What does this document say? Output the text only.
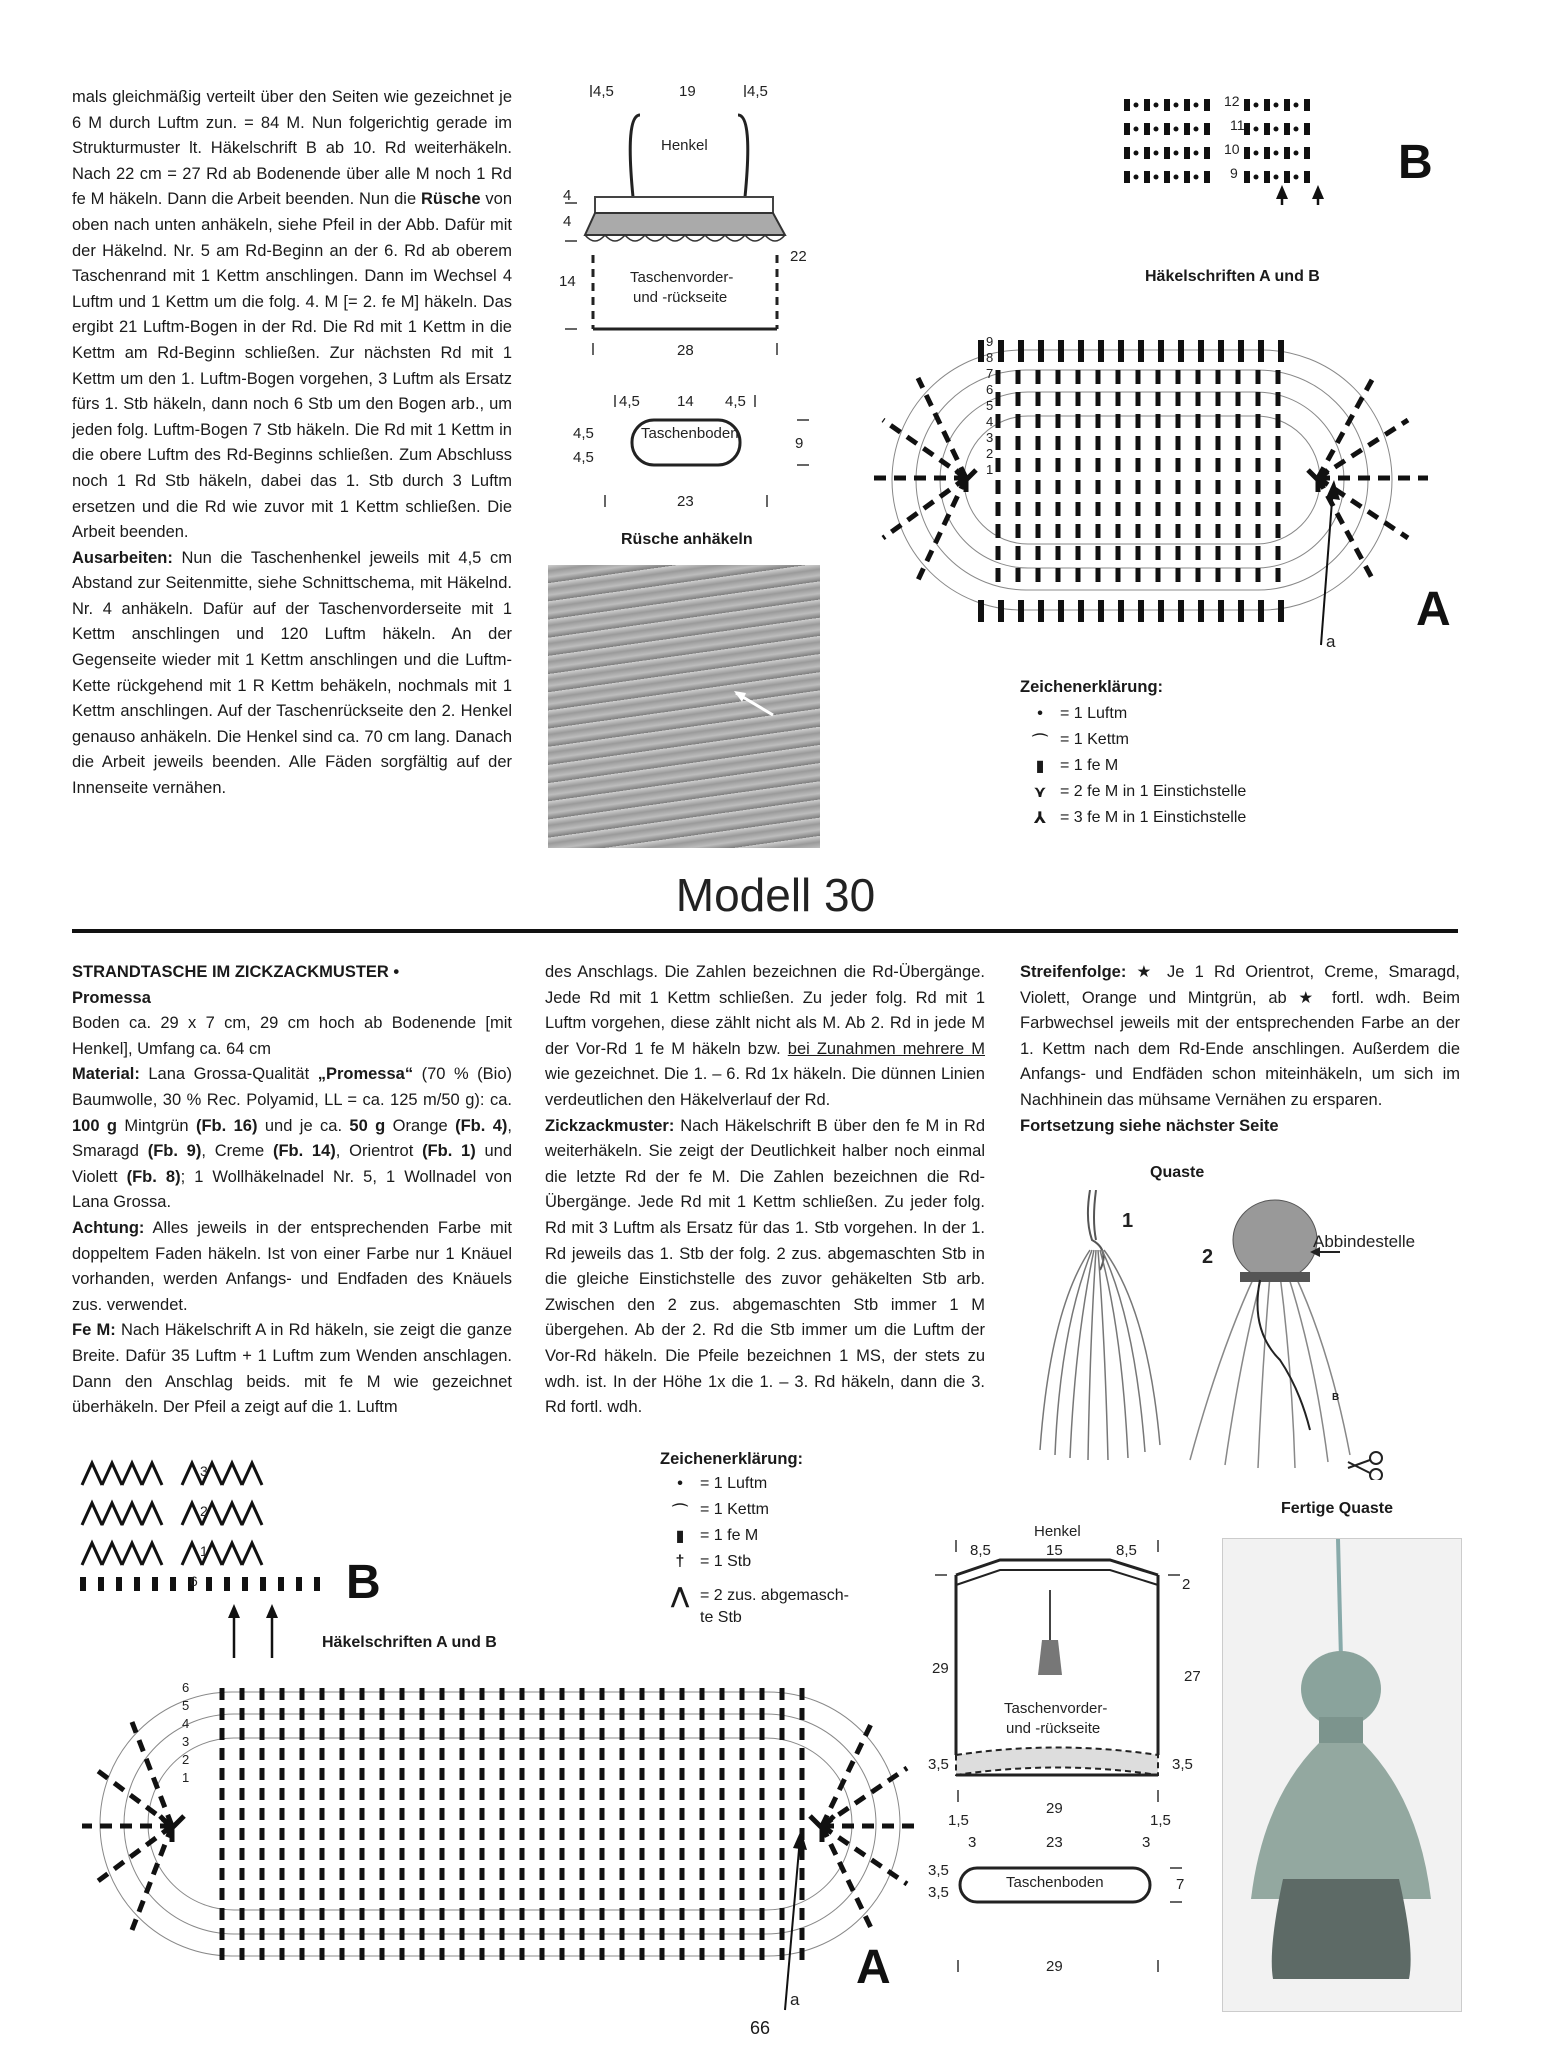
mals gleichmäßig verteilt über den Seiten wie gezeichnet je 6 M durch Luftm zun. = 84 M. Nun folgerichtig gerade im Strukturmuster lt. Häkelschrift B ab 10. Rd weiterhäkeln. Nach 22 cm = 27 Rd ab Bodenende über alle M noch 1 Rd fe M häkeln. Dann die Arbeit beenden. Nun die Rüsche von oben nach unten anhäkeln, siehe Pfeil in der Abb. Dafür mit der Häkelnd. Nr. 5 am Rd-Beginn an der 6. Rd ab oberem Taschenrand mit 1 Kettm anschlingen. Dann im Wechsel 4 Luftm und 1 Kettm um die folg. 4. M [= 2. fe M] häkeln. Das ergibt 21 Luftm-Bogen in der Rd. Die Rd mit 1 Kettm in die Kettm am Rd-Beginn schließen. Zur nächsten Rd mit 1 Kettm um den 1. Luftm-Bogen vorgehen, 3 Luftm als Ersatz fürs 1. Stb häkeln, dann noch 6 Stb um den Bogen arb., um jeden folg. Luftm-Bogen 7 Stb häkeln. Die Rd mit 1 Kettm in die obere Luftm des Rd-Beginns schließen. Zum Abschluss noch 1 Rd Stb häkeln, dabei das 1. Stb durch 3 Luftm ersetzen und die Rd wie zuvor mit 1 Kettm schließen. Die Arbeit beenden.

Ausarbeiten: Nun die Taschenhenkel jeweils mit 4,5 cm Abstand zur Seitenmitte, siehe Schnittschema, mit Häkelnd. Nr. 4 anhäkeln. Dafür auf der Taschenvorderseite mit 1 Kettm anschlingen und 120 Luftm häkeln. An der Gegenseite wieder mit 1 Kettm anschlingen und die Luftm-Kette rückgehend mit 1 R Kettm behäkeln, nochmals mit 1 Kettm anschlingen. Auf der Taschenrückseite den 2. Henkel genauso anhäkeln. Die Henkel sind ca. 70 cm lang. Danach die Arbeit jeweils beenden. Alle Fäden sorgfältig auf der Innenseite vernähen.

4,5	19	4,5
Henkel
4
4
22
14	Taschenvorder-
und -rückseite
28
4,5 14 4,5
Taschenboden
4,5
4,5
9
23
Rüsche anhäkeln
12
11
10
9	B
Häkelschriften A und B
9
8
7
6
5
4
3
2
1
A
a
Zeichenerklärung:
•	= 1 Luftm
⌒ = 1 Kettm
▮ = 1 fe M
⋎ = 2 fe M in 1 Einstichstelle
⅄ = 3 fe M in 1 Einstichstelle
Modell 30

STRANDTASCHE IM ZICKZACKMUSTER •

Promessa

Boden ca. 29 x 7 cm, 29 cm hoch ab Bodenende [mit Henkel], Umfang ca. 64 cm

Material: Lana Grossa-Qualität „Promessa“ (70 % (Bio) Baumwolle, 30 % Rec. Polyamid, LL = ca. 125 m/50 g): ca. 100 g Mintgrün (Fb. 16) und je ca. 50 g Orange (Fb. 4), Smaragd (Fb. 9), Creme (Fb. 14), Orientrot (Fb. 1) und Violett (Fb. 8); 1 Wollhäkelnadel Nr. 5, 1 Wollnadel von Lana Grossa.

Achtung: Alles jeweils in der entsprechenden Farbe mit doppeltem Faden häkeln. Ist von einer Farbe nur 1 Knäuel vorhanden, werden Anfangs- und Endfaden des Knäuels zus. verwendet.

Fe M: Nach Häkelschrift A in Rd häkeln, sie zeigt die ganze Breite. Dafür 35 Luftm + 1 Luftm zum Wenden anschlagen. Dann den Anschlag beids. mit fe M wie gezeichnet überhäkeln. Der Pfeil a zeigt auf die 1. Luftm

des Anschlags. Die Zahlen bezeichnen die Rd-Übergänge. Jede Rd mit 1 Kettm schließen. Zu jeder folg. Rd mit 1 Luftm vorgehen, diese zählt nicht als M. Ab 2. Rd in jede M der Vor-Rd 1 fe M häkeln bzw. bei Zunahmen mehrere M wie gezeichnet. Die 1. – 6. Rd 1x häkeln. Die dünnen Linien verdeutlichen den Häkelverlauf der Rd.

Zickzackmuster: Nach Häkelschrift B über den fe M in Rd weiterhäkeln. Sie zeigt der Deutlichkeit halber noch einmal die letzte Rd der fe M. Die Zahlen bezeichnen die Rd-Übergänge. Jede Rd mit 1 Kettm schließen. Zu jeder folg. Rd mit 3 Luftm als Ersatz für das 1. Stb vorgehen. In der 1. Rd jeweils das 1. Stb der folg. 2 zus. abgemaschten Stb in die gleiche Einstichstelle des zuvor gehäkelten Stb arb. Zwischen den 2 zus. abgemaschten Stb immer 1 M übergehen. Ab der 2. Rd die Stb immer um die Luftm der Vor-Rd häkeln. Die Pfeile bezeichnen 1 MS, der stets zu wdh. ist. In der Höhe 1x die 1. – 3. Rd häkeln, dann die 3. Rd fortl. wdh.

Streifenfolge: ★ Je 1 Rd Orientrot, Creme, Smaragd, Violett, Orange und Mintgrün, ab ★ fortl. wdh. Beim Farbwechsel jeweils mit der entsprechenden Farbe an der 1. Kettm nach dem Rd-Ende anschlingen. Außerdem die Anfangs- und Endfäden schon miteinhäkeln, um sich im Nachhinein das mühsame Vernähen zu ersparen.

Fortsetzung siehe nächster Seite

Quaste
1
2
Abbindestelle
B
Fertige Quaste
3
2
1
6	B
Häkelschriften A und B
6
5
4
3
2
1
A
a
Zeichenerklärung:
•	= 1 Luftm
⌒ = 1 Kettm
▮ = 1 fe M
† = 1 Stb
⋀ = 2 zus. abgemasch-
te Stb
Henkel
8,5	15	8,5
2
29	27
Taschenvorder-
und -rückseite
3,5	3,5
29
1,5	1,5
3	3
23
3,5
3,5
Taschenboden	7
29
66
